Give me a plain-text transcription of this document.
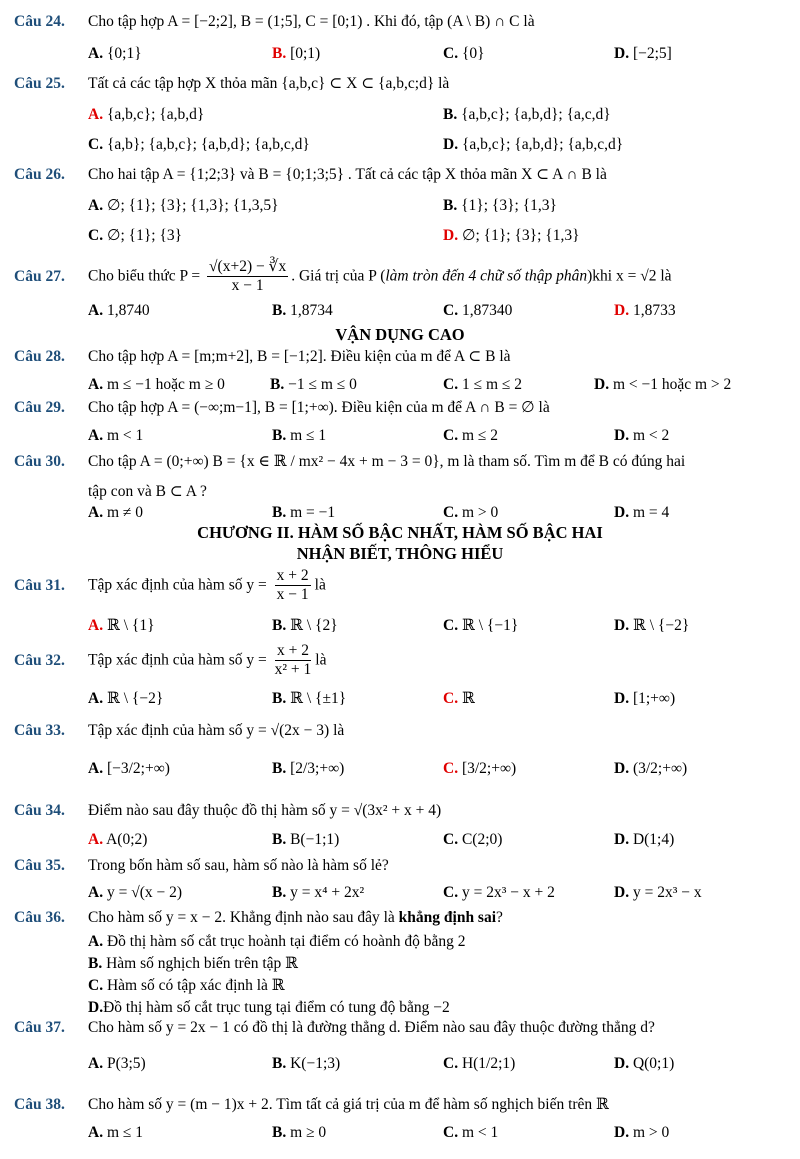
Câu 24. Cho tập hợp A = [−2;2], B = (1;5], C = [0;1) . Khi đó, tập (A \ B) ∩ C là
A. {0;1}	B. [0;1)	C. {0}	D. [−2;5]
Câu 25. Tất cả các tập hợp X thỏa mãn {a,b,c} ⊂ X ⊂ {a,b,c;d} là
A. {a,b,c}; {a,b,d}	B. {a,b,c}; {a,b,d}; {a,c,d}
C. {a,b}; {a,b,c}; {a,b,d}; {a,b,c,d}	D. {a,b,c}; {a,b,d}; {a,b,c,d}
Câu 26. Cho hai tập A = {1;2;3} và B = {0;1;3;5} . Tất cả các tập X thỏa mãn X ⊂ A ∩ B là
A. ∅; {1}; {3}; {1,3}; {1,3,5}	B. {1}; {3}; {1,3}
C. ∅; {1}; {3}	D. ∅; {1}; {3}; {1,3}
Câu 27. Cho biểu thức $P = \frac{√(x+2) - ∛x}{x - 1}$ . Giá trị của P (làm tròn đến 4 chữ số thập phân)khi x = √2 là
A. 1,8740	B. 1,8734	C. 1,87340	D. 1,8733
VẬN DỤNG CAO
Câu 28. Cho tập hợp A = [m;m+2], B = [−1;2]. Điều kiện của m để A ⊂ B là
A. m ≤ −1 hoặc m ≥ 0	B. −1 ≤ m ≤ 0	C. 1 ≤ m ≤ 2	D. m < −1 hoặc m > 2
Câu 29. Cho tập hợp A = (−∞;m−1], B = [1;+∞). Điều kiện của m để A ∩ B = ∅ là
A. m < 1	B. m ≤ 1	C. m ≤ 2	D. m < 2
Câu 30. Cho tập A = (0;+∞) B = {x ∈ ℝ / mx² − 4x + m − 3 = 0}, m là tham số. Tìm m để B có đúng hai
tập con và B ⊂ A ?
A. m ≠ 0	B. m = −1	C. m > 0	D. m = 4
CHƯƠNG II. HÀM SỐ BẬC NHẤT, HÀM SỐ BẬC HAI
NHẬN BIẾT, THÔNG HIỂU
Câu 31. Tập xác định của hàm số $y = \frac{x + 2}{x - 1}$ là
A. ℝ \ {1}	B. ℝ \ {2}	C. ℝ \ {−1}	D. ℝ \ {−2}
Câu 32. Tập xác định của hàm số $y = \frac{x + 2}{\text{x² + 1}}$ là
A. ℝ \ {−2}	B. ℝ \ {±1}	C. ℝ	D. [1;+∞)
Câu 33. Tập xác định của hàm số y = √(2x − 3) là
A. [−3/2;+∞)	B. [2/3;+∞)	C. [3/2;+∞)	D. (3/2;+∞)
Câu 34. Điểm nào sau đây thuộc đồ thị hàm số y = √(3x² + x + 4)
A. A(0;2)	B. B(−1;1)	C. C(2;0)	D. D(1;4)
Câu 35. Trong bốn hàm số sau, hàm số nào là hàm số lẻ?
A. y = √(x − 2)	B. y = x⁴ + 2x²	C. y = 2x³ − x + 2	D. y = 2x³ − x
Câu 36. Cho hàm số y = x − 2. Khẳng định nào sau đây là khẳng định sai?
A. Đồ thị hàm số cắt trục hoành tại điểm có hoành độ bằng 2
B. Hàm số nghịch biến trên tập ℝ
C. Hàm số có tập xác định là ℝ
D.Đồ thị hàm số cắt trục tung tại điểm có tung độ bằng −2
Câu 37. Cho hàm số y = 2x − 1 có đồ thị là đường thẳng d. Điểm nào sau đây thuộc đường thẳng d?
A. P(3;5)	B. K(−1;3)	C. H(1/2;1)	D. Q(0;1)
Câu 38. Cho hàm số y = (m − 1)x + 2. Tìm tất cả giá trị của m để hàm số nghịch biến trên ℝ
A. m ≤ 1	B. m ≥ 0	C. m < 1	D. m > 0
